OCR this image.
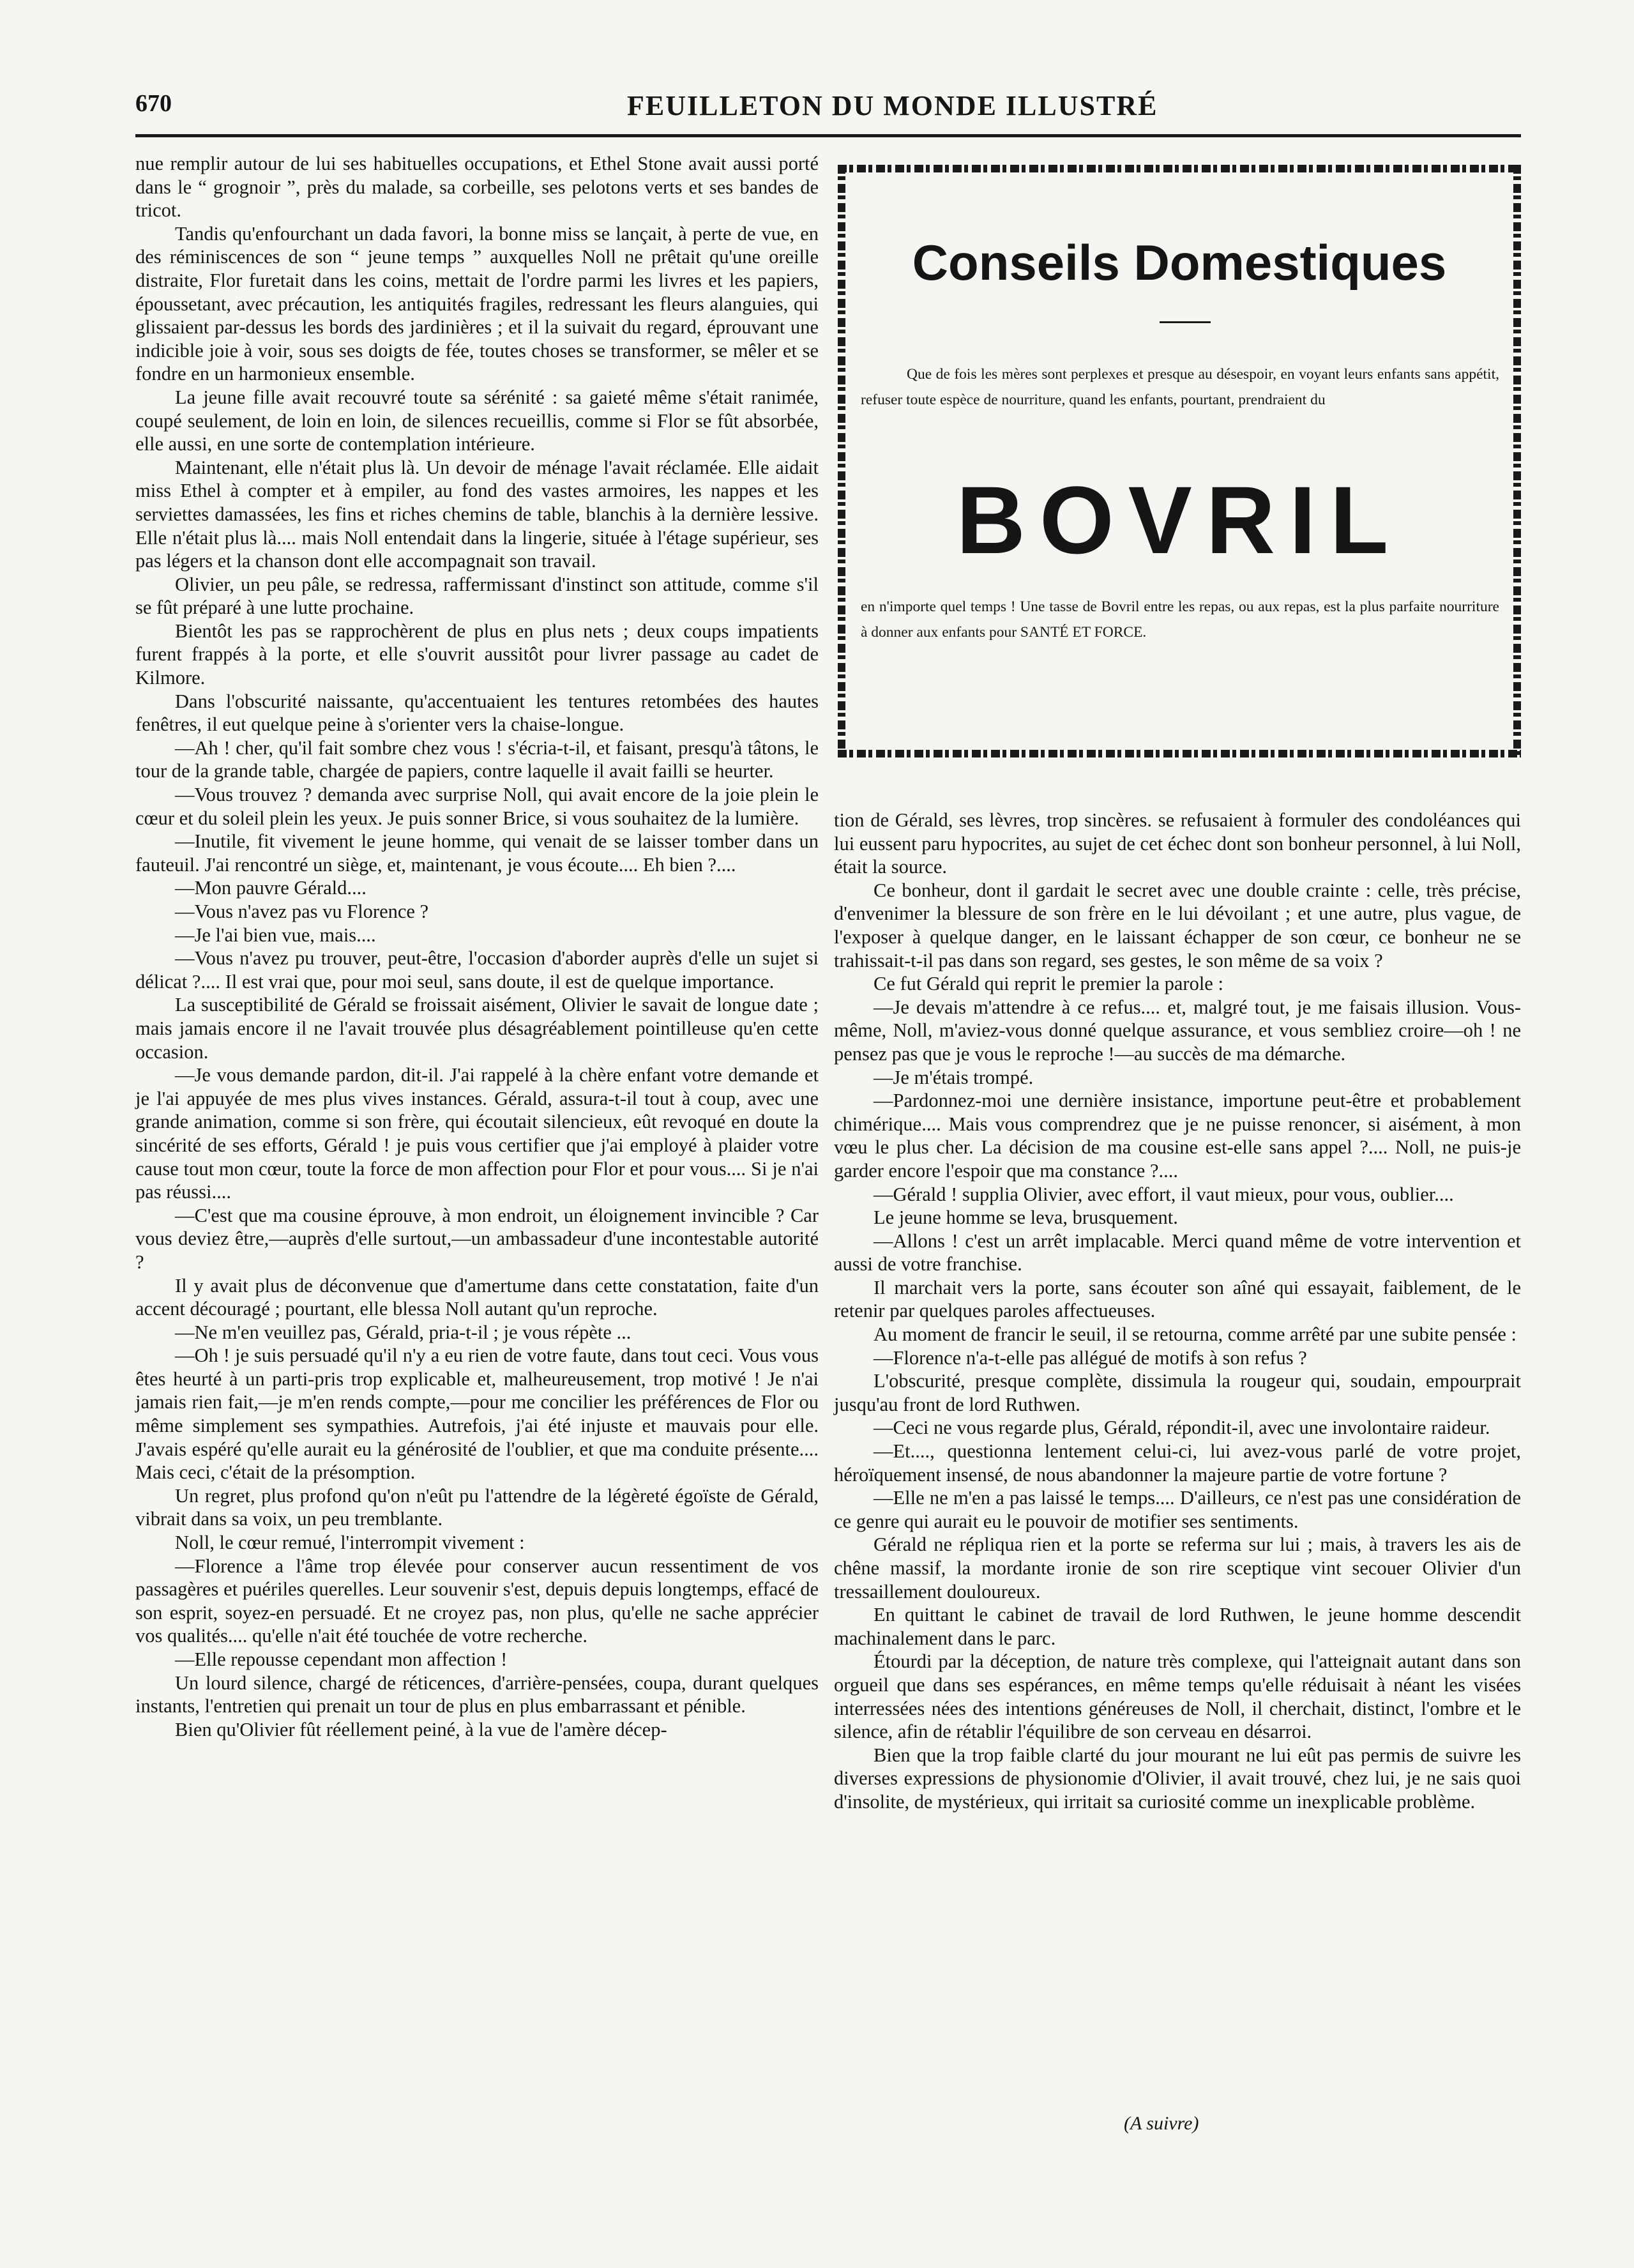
670	FEUILLETON DU MONDE ILLUSTRÉ

nue remplir autour de lui ses habituelles occupations, et Ethel Stone avait aussi porté dans le “ grognoir ”, près du malade, sa corbeille, ses pelotons verts et ses bandes de tricot.

Tandis qu'enfourchant un dada favori, la bonne miss se lançait, à perte de vue, en des réminiscences de son “ jeune temps ” auxquelles Noll ne prêtait qu'une oreille distraite, Flor furetait dans les coins, mettait de l'ordre parmi les livres et les papiers, époussetant, avec précaution, les antiquités fragiles, redressant les fleurs alanguies, qui glissaient par-dessus les bords des jardinières ; et il la suivait du regard, éprouvant une indicible joie à voir, sous ses doigts de fée, toutes choses se transformer, se mêler et se fondre en un harmonieux ensemble.

La jeune fille avait recouvré toute sa sérénité : sa gaieté même s'était ranimée, coupé seulement, de loin en loin, de silences recueillis, comme si Flor se fût absorbée, elle aussi, en une sorte de contemplation intérieure.

Maintenant, elle n'était plus là. Un devoir de ménage l'avait réclamée. Elle aidait miss Ethel à compter et à empiler, au fond des vastes armoires, les nappes et les serviettes damassées, les fins et riches chemins de table, blanchis à la dernière lessive. Elle n'était plus là.... mais Noll entendait dans la lingerie, située à l'étage supérieur, ses pas légers et la chanson dont elle accompagnait son travail.

Olivier, un peu pâle, se redressa, raffermissant d'instinct son attitude, comme s'il se fût préparé à une lutte prochaine.

Bientôt les pas se rapprochèrent de plus en plus nets ; deux coups impatients furent frappés à la porte, et elle s'ouvrit aussitôt pour livrer passage au cadet de Kilmore.

Dans l'obscurité naissante, qu'accentuaient les tentures retombées des hautes fenêtres, il eut quelque peine à s'orienter vers la chaise-longue.

—Ah ! cher, qu'il fait sombre chez vous ! s'écria-t-il, et faisant, presqu'à tâtons, le tour de la grande table, chargée de papiers, contre laquelle il avait failli se heurter.

—Vous trouvez ? demanda avec surprise Noll, qui avait encore de la joie plein le cœur et du soleil plein les yeux. Je puis sonner Brice, si vous souhaitez de la lumière.

—Inutile, fit vivement le jeune homme, qui venait de se laisser tomber dans un fauteuil. J'ai rencontré un siège, et, maintenant, je vous écoute.... Eh bien ?....

—Mon pauvre Gérald....

—Vous n'avez pas vu Florence ?

—Je l'ai bien vue, mais....

—Vous n'avez pu trouver, peut-être, l'occasion d'aborder auprès d'elle un sujet si délicat ?.... Il est vrai que, pour moi seul, sans doute, il est de quelque importance.

La susceptibilité de Gérald se froissait aisément, Olivier le savait de longue date ; mais jamais encore il ne l'avait trouvée plus désagréablement pointilleuse qu'en cette occasion.

—Je vous demande pardon, dit-il. J'ai rappelé à la chère enfant votre demande et je l'ai appuyée de mes plus vives instances. Gérald, assura-t-il tout à coup, avec une grande animation, comme si son frère, qui écoutait silencieux, eût revoqué en doute la sincérité de ses efforts, Gérald ! je puis vous certifier que j'ai employé à plaider votre cause tout mon cœur, toute la force de mon affection pour Flor et pour vous.... Si je n'ai pas réussi....

—C'est que ma cousine éprouve, à mon endroit, un éloignement invincible ? Car vous deviez être,—auprès d'elle surtout,—un ambassadeur d'une incontestable autorité ?

Il y avait plus de déconvenue que d'amertume dans cette constatation, faite d'un accent découragé ; pourtant, elle blessa Noll autant qu'un reproche.

—Ne m'en veuillez pas, Gérald, pria-t-il ; je vous répète ...

—Oh ! je suis persuadé qu'il n'y a eu rien de votre faute, dans tout ceci. Vous vous êtes heurté à un parti-pris trop explicable et, malheureusement, trop motivé ! Je n'ai jamais rien fait,—je m'en rends compte,—pour me concilier les préférences de Flor ou même simplement ses sympathies. Autrefois, j'ai été injuste et mauvais pour elle. J'avais espéré qu'elle aurait eu la générosité de l'oublier, et que ma conduite présente.... Mais ceci, c'était de la présomption.

Un regret, plus profond qu'on n'eût pu l'attendre de la légèreté égoïste de Gérald, vibrait dans sa voix, un peu tremblante.

Noll, le cœur remué, l'interrompit vivement :

—Florence a l'âme trop élevée pour conserver aucun ressentiment de vos passagères et puériles querelles. Leur souvenir s'est, depuis depuis longtemps, effacé de son esprit, soyez-en persuadé. Et ne croyez pas, non plus, qu'elle ne sache apprécier vos qualités.... qu'elle n'ait été touchée de votre recherche.

—Elle repousse cependant mon affection !

Un lourd silence, chargé de réticences, d'arrière-pensées, coupa, durant quelques instants, l'entretien qui prenait un tour de plus en plus embarrassant et pénible.

Bien qu'Olivier fût réellement peiné, à la vue de l'amère décep-

Conseils Domestiques
Que de fois les mères sont perplexes et presque au désespoir, en voyant leurs enfants sans appétit, refuser toute espèce de nourriture, quand les enfants, pourtant, prendraient du
BOVRIL
en n'importe quel temps ! Une tasse de Bovril entre les repas, ou aux repas, est la plus parfaite nourriture à donner aux enfants pour SANTÉ ET FORCE.

tion de Gérald, ses lèvres, trop sincères. se refusaient à formuler des condoléances qui lui eussent paru hypocrites, au sujet de cet échec dont son bonheur personnel, à lui Noll, était la source.

Ce bonheur, dont il gardait le secret avec une double crainte : celle, très précise, d'envenimer la blessure de son frère en le lui dévoilant ; et une autre, plus vague, de l'exposer à quelque danger, en le laissant échapper de son cœur, ce bonheur ne se trahissait-t-il pas dans son regard, ses gestes, le son même de sa voix ?

Ce fut Gérald qui reprit le premier la parole :

—Je devais m'attendre à ce refus.... et, malgré tout, je me faisais illusion. Vous-même, Noll, m'aviez-vous donné quelque assurance, et vous sembliez croire—oh ! ne pensez pas que je vous le reproche !—au succès de ma démarche.

—Je m'étais trompé.

—Pardonnez-moi une dernière insistance, importune peut-être et probablement chimérique.... Mais vous comprendrez que je ne puisse renoncer, si aisément, à mon vœu le plus cher. La décision de ma cousine est-elle sans appel ?.... Noll, ne puis-je garder encore l'espoir que ma constance ?....

—Gérald ! supplia Olivier, avec effort, il vaut mieux, pour vous, oublier....

Le jeune homme se leva, brusquement.

—Allons ! c'est un arrêt implacable. Merci quand même de votre intervention et aussi de votre franchise.

Il marchait vers la porte, sans écouter son aîné qui essayait, faiblement, de le retenir par quelques paroles affectueuses.

Au moment de francir le seuil, il se retourna, comme arrêté par une subite pensée :

—Florence n'a-t-elle pas allégué de motifs à son refus ?

L'obscurité, presque complète, dissimula la rougeur qui, soudain, empourprait jusqu'au front de lord Ruthwen.

—Ceci ne vous regarde plus, Gérald, répondit-il, avec une involontaire raideur.

—Et...., questionna lentement celui-ci, lui avez-vous parlé de votre projet, héroïquement insensé, de nous abandonner la majeure partie de votre fortune ?

—Elle ne m'en a pas laissé le temps.... D'ailleurs, ce n'est pas une considération de ce genre qui aurait eu le pouvoir de motifier ses sentiments.

Gérald ne répliqua rien et la porte se referma sur lui ; mais, à travers les ais de chêne massif, la mordante ironie de son rire sceptique vint secouer Olivier d'un tressaillement douloureux.

En quittant le cabinet de travail de lord Ruthwen, le jeune homme descendit machinalement dans le parc.

Étourdi par la déception, de nature très complexe, qui l'atteignait autant dans son orgueil que dans ses espérances, en même temps qu'elle réduisait à néant les visées interressées nées des intentions généreuses de Noll, il cherchait, distinct, l'ombre et le silence, afin de rétablir l'équilibre de son cerveau en désarroi.

Bien que la trop faible clarté du jour mourant ne lui eût pas permis de suivre les diverses expressions de physionomie d'Olivier, il avait trouvé, chez lui, je ne sais quoi d'insolite, de mystérieux, qui irritait sa curiosité comme un inexplicable problème.

(A suivre)
